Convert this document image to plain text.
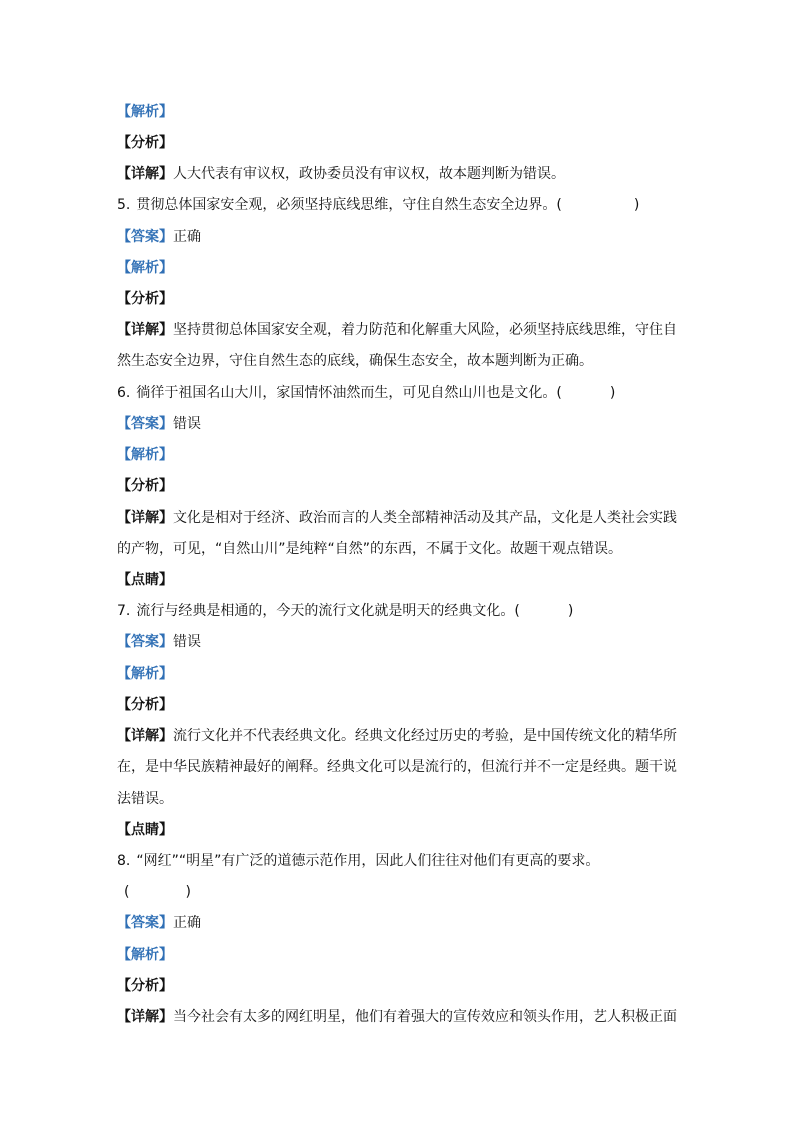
【解析】
【分析】
【详解】人大代表有审议权，政协委员没有审议权，故本题判断为错误。
5. 贯彻总体国家安全观，必须坚持底线思维，守住自然生态安全边界。(	)
【答案】正确
【解析】
【分析】
【详解】坚持贯彻总体国家安全观，着力防范和化解重大风险，必须坚持底线思维，守住自
然生态安全边界，守住自然生态的底线，确保生态安全，故本题判断为正确。
6. 徜徉于祖国名山大川，家国情怀油然而生，可见自然山川也是文化。(	)
【答案】错误
【解析】
【分析】
【详解】文化是相对于经济、政治而言的人类全部精神活动及其产品，文化是人类社会实践
的产物，可见，“自然山川”是纯粹“自然”的东西，不属于文化。故题干观点错误。
【点睛】
7. 流行与经典是相通的，今天的流行文化就是明天的经典文化。(	)
【答案】错误
【解析】
【分析】
【详解】流行文化并不代表经典文化。经典文化经过历史的考验，是中国传统文化的精华所
在，是中华民族精神最好的阐释。经典文化可以是流行的，但流行并不一定是经典。题干说
法错误。
【点睛】
8. “网红”“明星”有广泛的道德示范作用，因此人们往往对他们有更高的要求。
(	)
【答案】正确
【解析】
【分析】
【详解】当今社会有太多的网红明星，他们有着强大的宣传效应和领头作用，艺人积极正面
